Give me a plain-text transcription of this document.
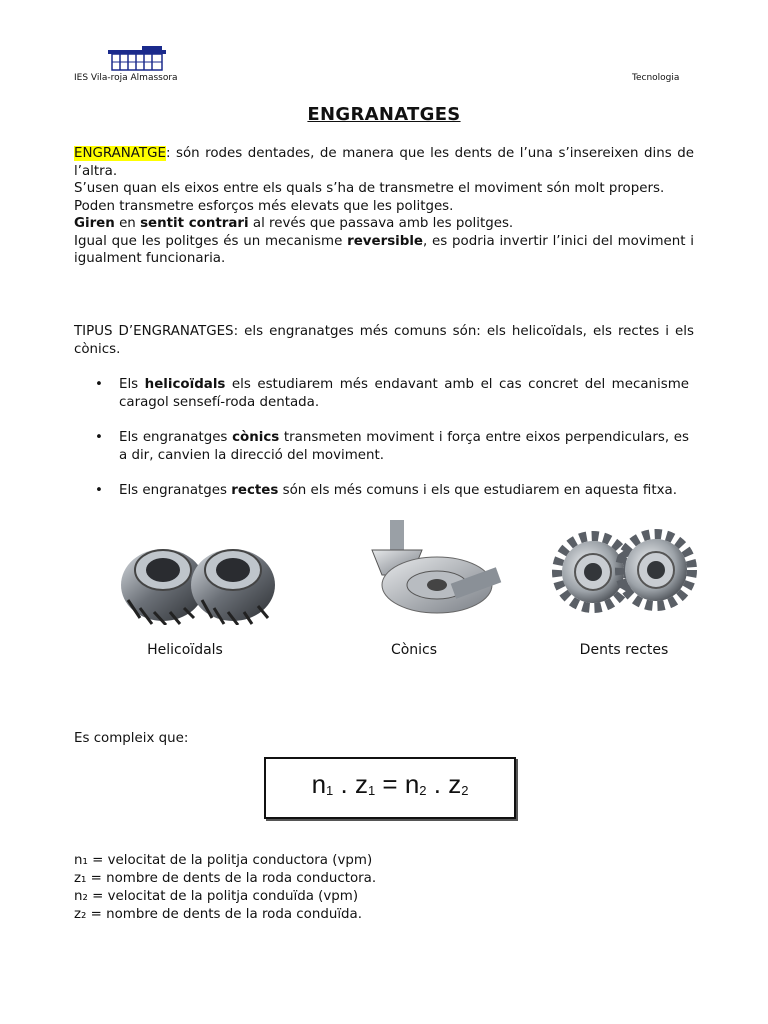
IES Vila-roja Almassora	Tecnologia
ENGRANATGES

ENGRANATGE: són rodes dentades, de manera que les dents de l’una s’insereixen dins de l’altra.

S’usen quan els eixos entre els quals s’ha de transmetre el moviment són molt propers.

Poden transmetre esforços més elevats que les politges.

Giren en sentit contrari al revés que passava amb les politges.

Igual que les politges és un mecanisme reversible, es podria invertir l’inici del moviment i igualment funcionaria.

TIPUS D’ENGRANATGES: els engranatges més comuns són: els helicoïdals, els rectes i els cònics.

• Els helicoïdals els estudiarem més endavant amb el cas concret del mecanisme caragol sensefí-roda dentada.
• Els engranatges cònics transmeten moviment i força entre eixos perpendiculars, es a dir, canvien la direcció del moviment.
• Els engranatges rectes són els més comuns i els que estudiarem en aquesta fitxa.
Helicoïdals	Cònics	Dents rectes
Es compleix que:
$n_1$ . $z_1 = n_2$ . $z_2$
n₁ = velocitat de la politja conductora (vpm)
z₁ = nombre de dents de la roda conductora.
n₂ = velocitat de la politja conduïda (vpm)
z₂ = nombre de dents de la roda conduïda.
